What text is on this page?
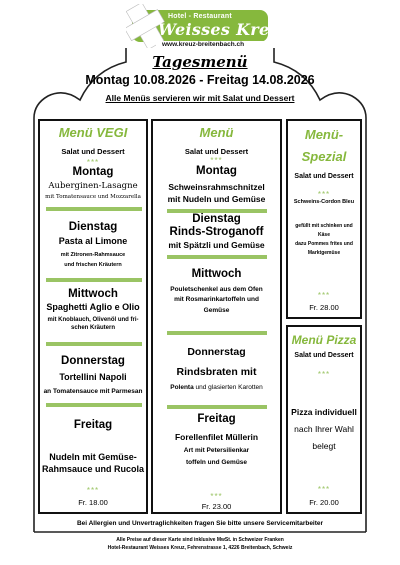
Hotel - Restaurant
Weisses Kreuz
www.kreuz-breitenbach.ch
Tagesmenü
Montag 10.08.2026 - Freitag 14.08.2026
Alle Menüs servieren wir mit Salat und Dessert
Menü VEGI
Salat und Dessert
***
Montag
Auberginen-Lasagne
mit Tomatensauce und Mozzarella
Dienstag
Pasta al Limone
mit Zitronen-Rahmsauce
und frischen Kräutern
Mittwoch
Spaghetti Aglio e Olio
mit Knoblauch, Olivenöl und fri-
schen Kräutern
Donnerstag
Tortellini Napoli
an Tomatensauce mit Parmesan
Freitag
Nudeln mit Gemüse-
Rahmsauce und Rucola
***
Fr. 18.00
Menü
Salat und Dessert
***
Montag
Schweinsrahmschnitzel
mit Nudeln und Gemüse
Dienstag
Rinds-Stroganoff
mit Spätzli und Gemüse
Mittwoch
Pouletschenkel aus dem Ofen
mit Rosmarinkartoffeln und
Gemüse
Donnerstag
Rindsbraten mit
Polenta und glasierten Karotten
Freitag
Forellenfilet Müllerin
Art mit Petersilienkar
toffeln und Gemüse
***
Fr. 23.00
Menü-
Spezial
Salat und Dessert
***
Schweins-Cordon Bleu
gefüllt mit schinken und
Käse
dazu Pommes frites und
Marktgemüse
***
Fr. 28.00
Menü Pizza
Salat und Dessert
***
Pizza individuell
nach Ihrer Wahl
belegt
***
Fr. 20.00
Bei Allergien und Unvertraglichkeiten fragen Sie bitte unsere Servicemitarbeiter
Alle Preise auf dieser Karte sind inklusive MwSt. in Schweizer Franken
Hotel-Restaurant Weisses Kreuz, Fehrenstrasse 1, 4226 Breitenbach, Schweiz
